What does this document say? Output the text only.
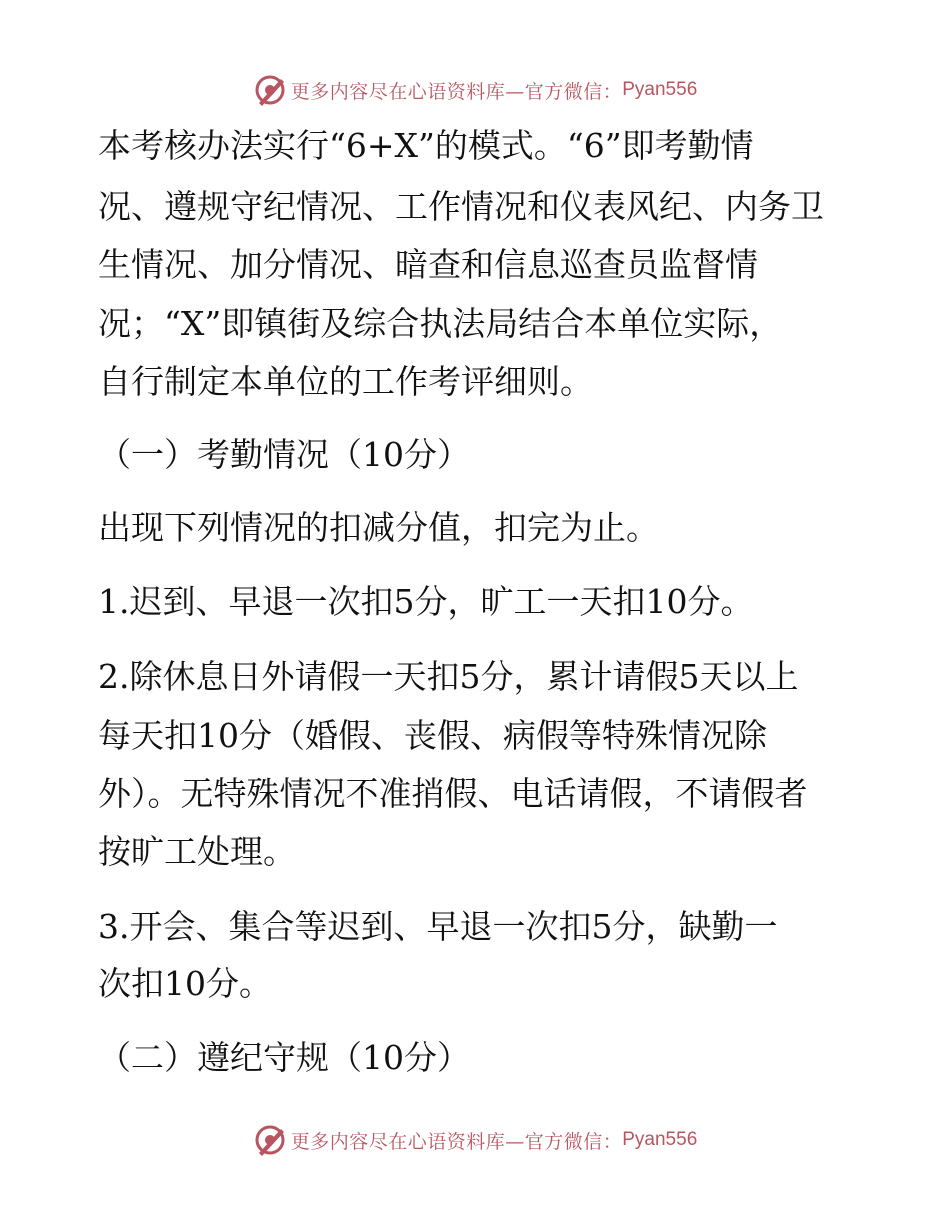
更多内容尽在心语资料库—官方微信： Pyan556
本考核办法实行“6+X”的模式。“6”即考勤情
况、遵规守纪情况、工作情况和仪表风纪、内务卫
生情况、加分情况、暗查和信息巡查员监督情
况；“X”即镇街及综合执法局结合本单位实际，
自行制定本单位的工作考评细则。
（一）考勤情况（10分）
出现下列情况的扣减分值，扣完为止。
1.迟到、早退一次扣5分，旷工一天扣10分。
2.除休息日外请假一天扣5分，累计请假5天以上
每天扣10分（婚假、丧假、病假等特殊情况除
外）。无特殊情况不准捎假、电话请假，不请假者
按旷工处理。
3.开会、集合等迟到、早退一次扣5分，缺勤一
次扣10分。
（二）遵纪守规（10分）
更多内容尽在心语资料库—官方微信： Pyan556
